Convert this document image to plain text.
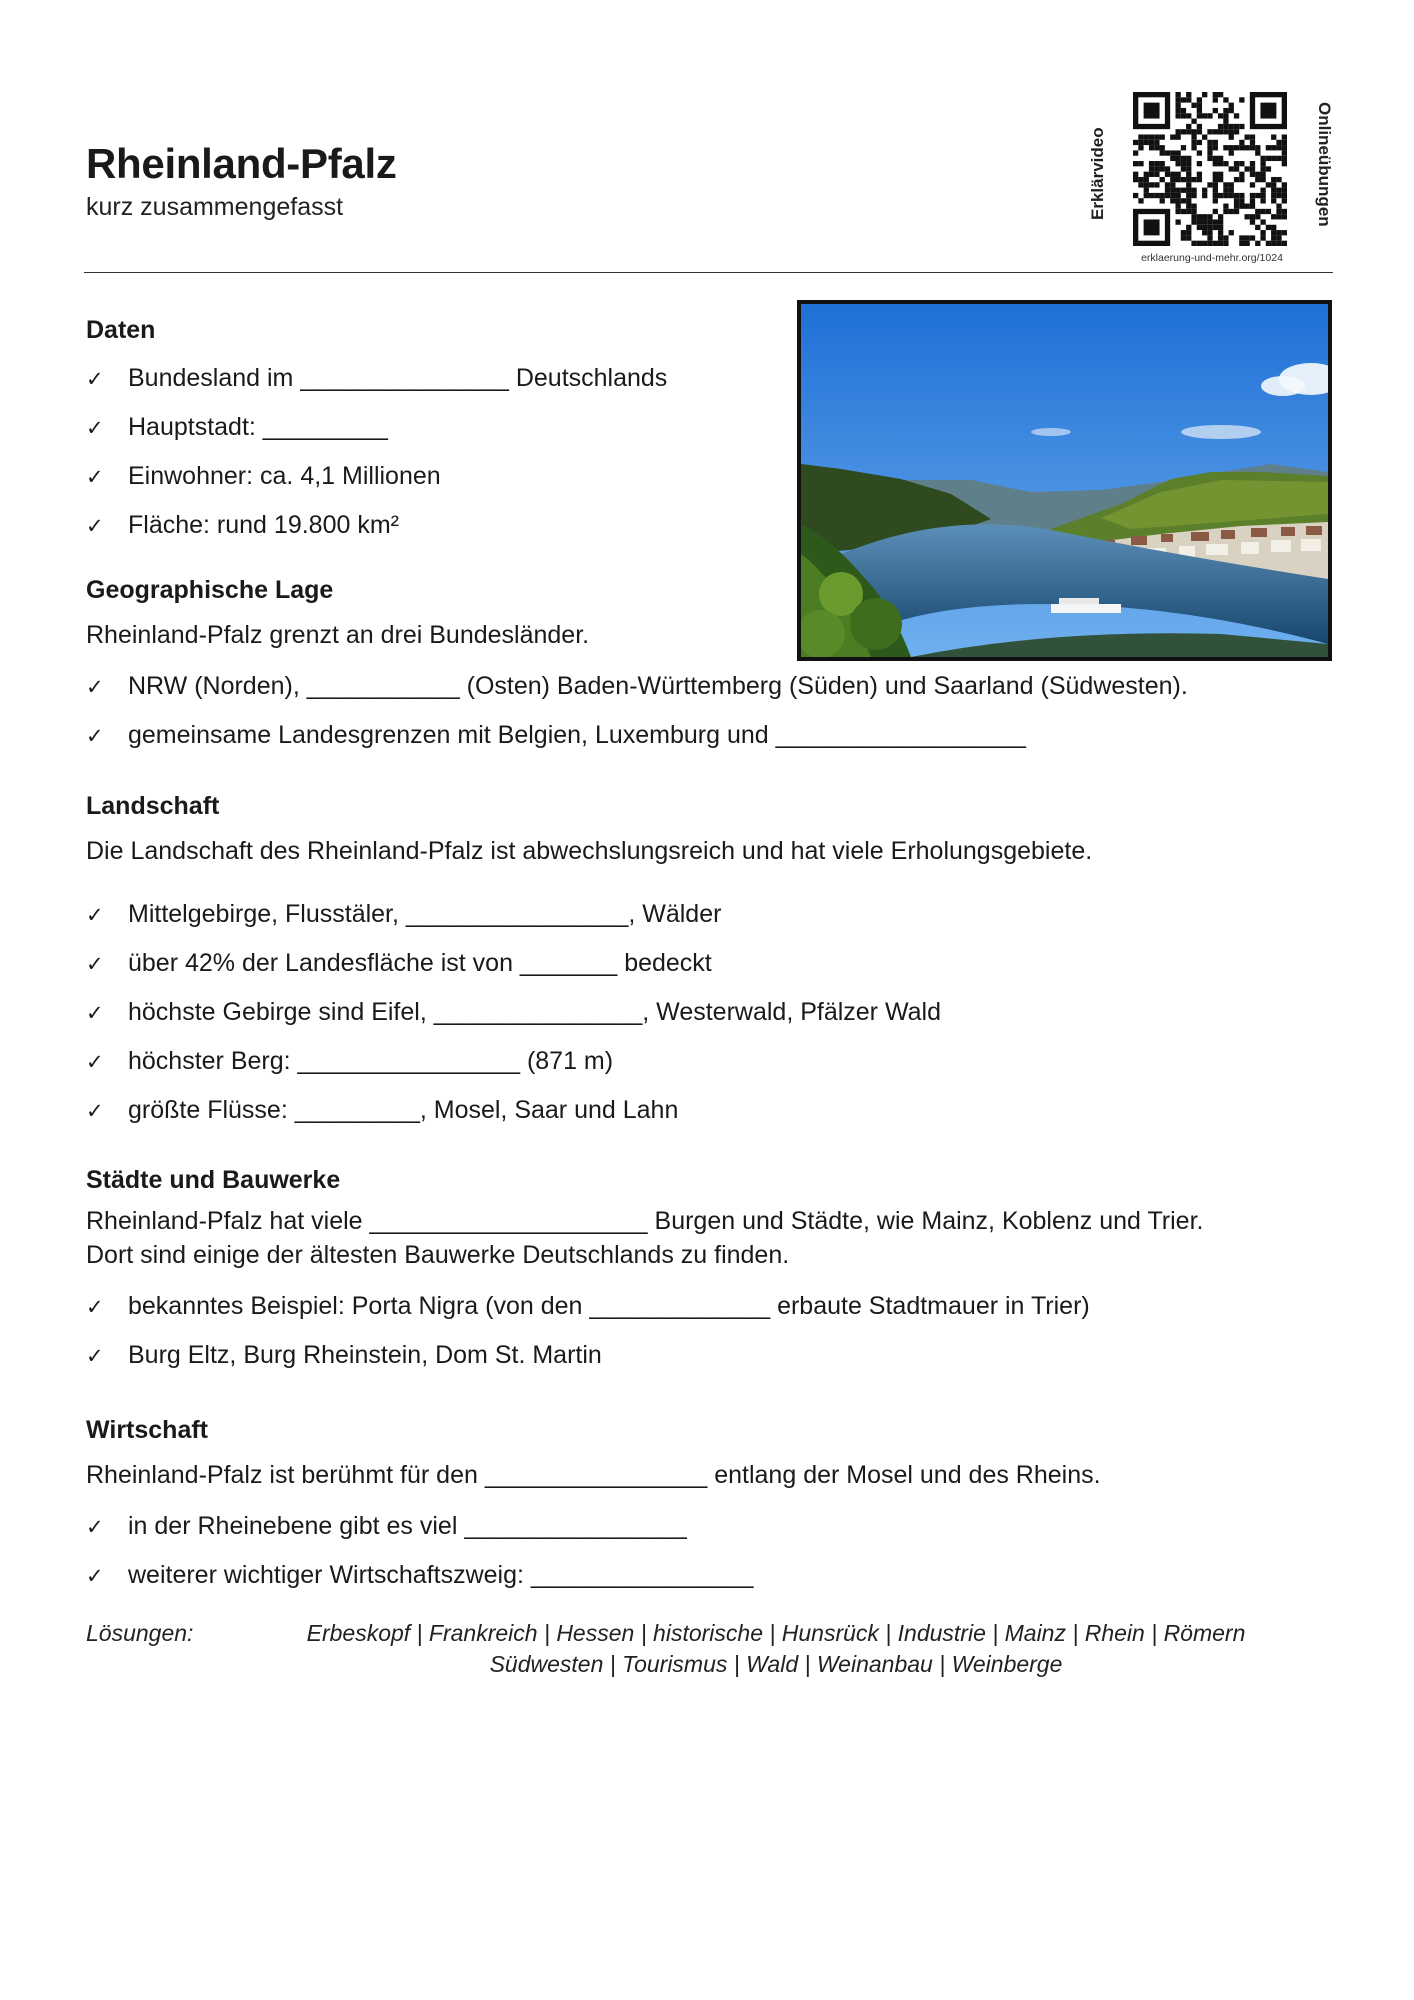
Rheinland-Pfalz
kurz zusammengefasst	Erklärvideo	Onlineübungen
erklaerung-und-mehr.org/1024
Daten
✓ Bundesland im _______________ Deutschlands
✓ Hauptstadt: _________
✓ Einwohner: ca. 4,1 Millionen
✓ Fläche: rund 19.800 km²
Geographische Lage
Rheinland-Pfalz grenzt an drei Bundesländer.
✓ NRW (Norden), ___________ (Osten) Baden-Württemberg (Süden) und Saarland (Südwesten).
✓ gemeinsame Landesgrenzen mit Belgien, Luxemburg und __________________
Landschaft
Die Landschaft des Rheinland-Pfalz ist abwechslungsreich und hat viele Erholungsgebiete.
✓ Mittelgebirge, Flusstäler, ________________, Wälder
✓ über 42% der Landesfläche ist von _______ bedeckt
✓ höchste Gebirge sind Eifel, _______________, Westerwald, Pfälzer Wald
✓ höchster Berg: ________________ (871 m)
✓ größte Flüsse: _________, Mosel, Saar und Lahn
Städte und Bauwerke
Rheinland-Pfalz hat viele ____________________ Burgen und Städte, wie Mainz, Koblenz und Trier.
Dort sind einige der ältesten Bauwerke Deutschlands zu finden.
✓ bekanntes Beispiel: Porta Nigra (von den _____________ erbaute Stadtmauer in Trier)
✓ Burg Eltz, Burg Rheinstein, Dom St. Martin
Wirtschaft
Rheinland-Pfalz ist berühmt für den ________________ entlang der Mosel und des Rheins.
✓ in der Rheinebene gibt es viel ________________
✓ weiterer wichtiger Wirtschaftszweig: ________________
Lösungen:	Erbeskopf | Frankreich | Hessen | historische | Hunsrück | Industrie | Mainz | Rhein | Römern
Südwesten | Tourismus | Wald | Weinanbau | Weinberge
